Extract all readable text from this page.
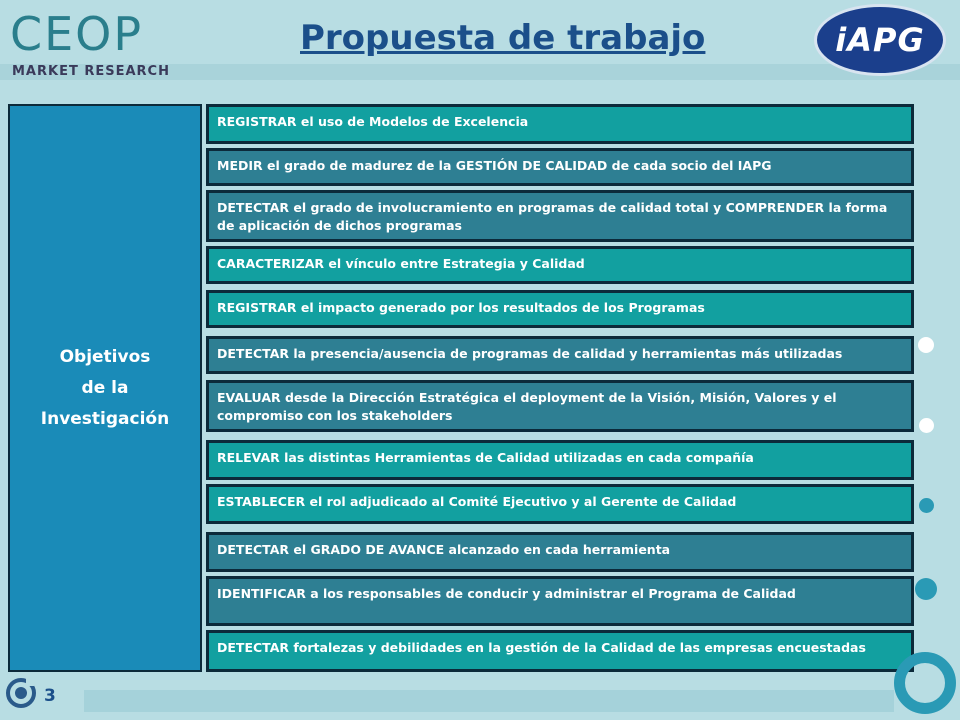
CEOP
MARKET RESEARCH
Propuesta de trabajo	iAPG
Objetivos
de la
Investigación
REGISTRAR el uso de Modelos de Excelencia
MEDIR el grado de madurez de la GESTIÓN DE CALIDAD de cada socio del IAPG
DETECTAR el grado de involucramiento en programas de calidad total y COMPRENDER la forma de aplicación de dichos programas
CARACTERIZAR el vínculo entre Estrategia y Calidad
REGISTRAR el impacto generado por los resultados de los Programas
DETECTAR la presencia/ausencia de programas de calidad y herramientas más utilizadas
EVALUAR desde la Dirección Estratégica el deployment de la Visión, Misión, Valores y el compromiso con los stakeholders
RELEVAR las distintas Herramientas de Calidad utilizadas en cada compañía
ESTABLECER el rol adjudicado al Comité Ejecutivo y al Gerente de Calidad
DETECTAR el GRADO DE AVANCE alcanzado en cada herramienta
IDENTIFICAR a los responsables de conducir y administrar el Programa de Calidad
DETECTAR fortalezas y debilidades en la gestión de la Calidad de las empresas encuestadas
3
